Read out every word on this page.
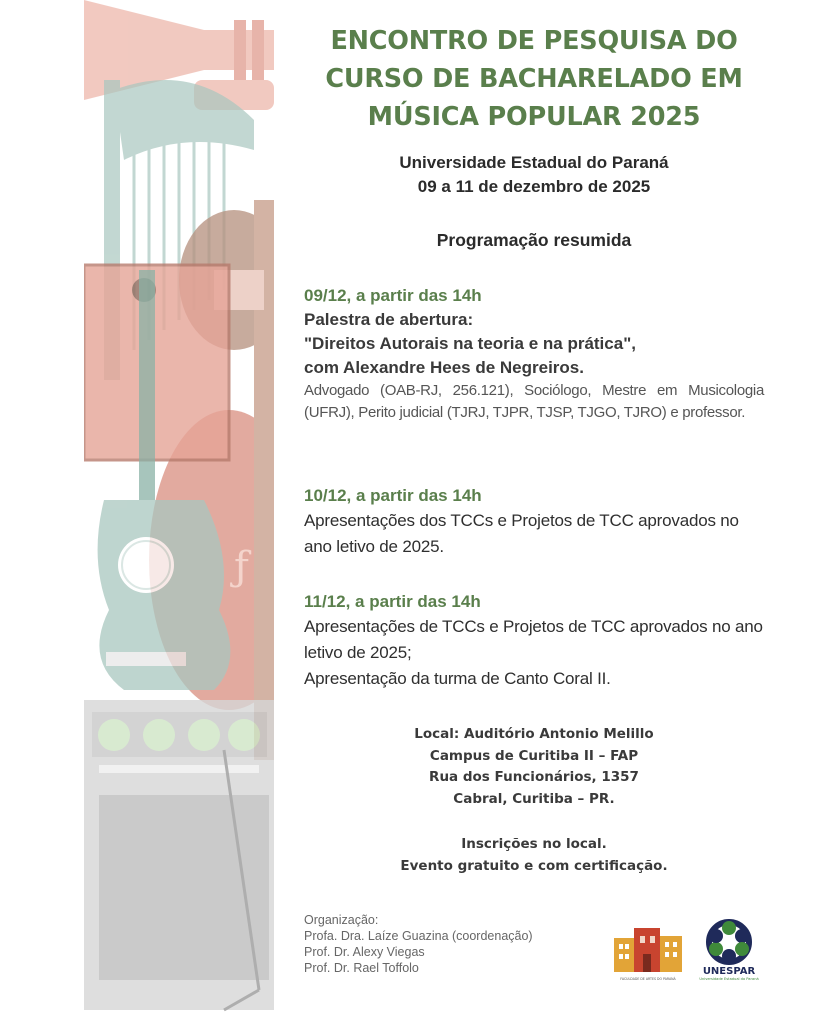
ƒ
ENCONTRO DE PESQUISA DO
CURSO DE BACHARELADO EM
MÚSICA POPULAR 2025
Universidade Estadual do Paraná
09 a 11 de dezembro de 2025
Programação resumida
09/12, a partir das 14h
Palestra de abertura:
"Direitos Autorais na teoria e na prática",
com Alexandre Hees de Negreiros.
Advogado (OAB-RJ, 256.121), Sociólogo, Mestre em Musicologia (UFRJ), Perito judicial (TJRJ, TJPR, TJSP, TJGO, TJRO) e professor.
10/12, a partir das 14h
Apresentações dos TCCs e Projetos de TCC aprovados no ano letivo de 2025.
11/12, a partir das 14h
Apresentações de TCCs e Projetos de TCC aprovados no ano letivo de 2025;
Apresentação da turma de Canto Coral II.
Local: Auditório Antonio Melillo
Campus de Curitiba II – FAP
Rua dos Funcionários, 1357
Cabral, Curitiba – PR.
Inscrições no local.
Evento gratuito e com certificação.
Organização:
Profa. Dra. Laíze Guazina (coordenação)
Prof. Dr. Alexy Viegas
Prof. Dr. Rael Toffolo
FACULDADE DE ARTES DO PARANÁ
UNESPAR
Universidade Estadual do Paraná
